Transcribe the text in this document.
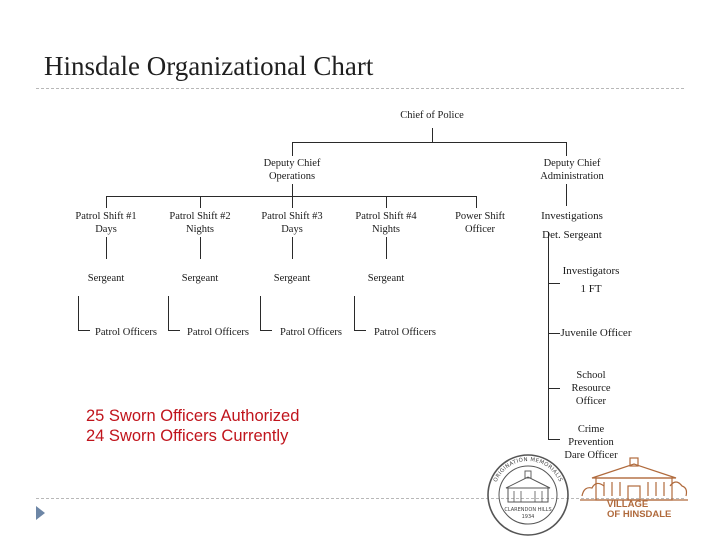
Hinsdale Organizational Chart
Chief of Police
Deputy Chief
Operations
Deputy Chief
Administration
Patrol Shift #1
Days
Patrol Shift #2
Nights
Patrol Shift #3
Days
Patrol Shift #4
Nights
Power Shift
Officer
Investigations
Det. Sergeant
Sergeant	Sergeant	Sergeant	Sergeant
Patrol Officers	Patrol Officers	Patrol Officers	Patrol Officers
Investigators
1 FT
Juvenile Officer
School
Resource
Officer
Crime
Prevention
Dare Officer
25 Sworn Officers Authorized
24 Sworn Officers Currently
ORIGINATION MEMORIALIS
CLARENDON HILLS
1934
VILLAGE
OF HINSDALE
